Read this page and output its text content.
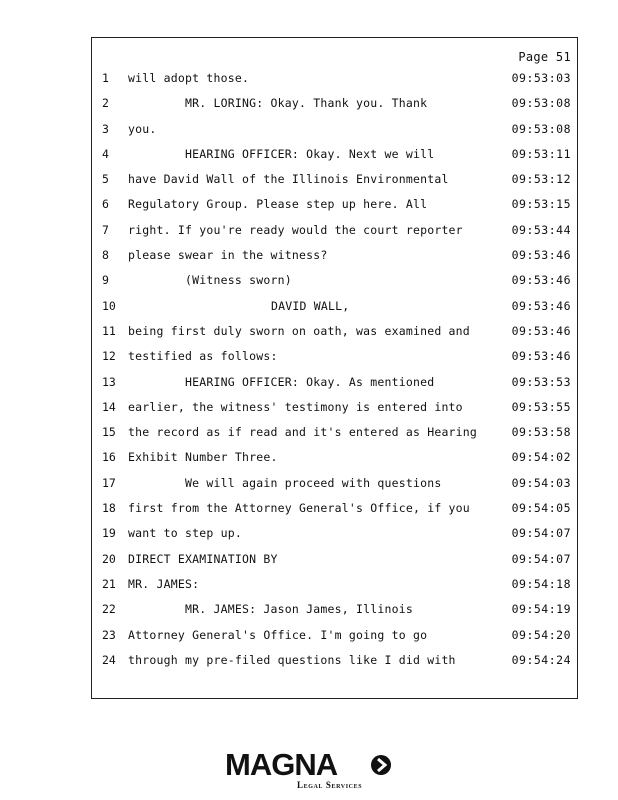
Page 51
1	will adopt those.	09:53:03
2	MR. LORING: Okay. Thank you. Thank	09:53:08
3	you.	09:53:08
4	HEARING OFFICER: Okay. Next we will	09:53:11
5	have David Wall of the Illinois Environmental	09:53:12
6	Regulatory Group. Please step up here. All	09:53:15
7	right. If you're ready would the court reporter	09:53:44
8	please swear in the witness?	09:53:46
9	(Witness sworn)	09:53:46
10	DAVID WALL,	09:53:46
11 being first duly sworn on oath, was examined and	09:53:46
12 testified as follows:	09:53:46
13	HEARING OFFICER: Okay. As mentioned	09:53:53
14 earlier, the witness' testimony is entered into	09:53:55
15 the record as if read and it's entered as Hearing	09:53:58
16 Exhibit Number Three.	09:54:02
17	We will again proceed with questions	09:54:03
18 first from the Attorney General's Office, if you	09:54:05
19 want to step up.	09:54:07
20 DIRECT EXAMINATION BY	09:54:07
21 MR. JAMES:	09:54:18
22	MR. JAMES: Jason James, Illinois	09:54:19
23 Attorney General's Office. I'm going to go	09:54:20
24 through my pre-filed questions like I did with	09:54:24
MAGNA
Legal Services
